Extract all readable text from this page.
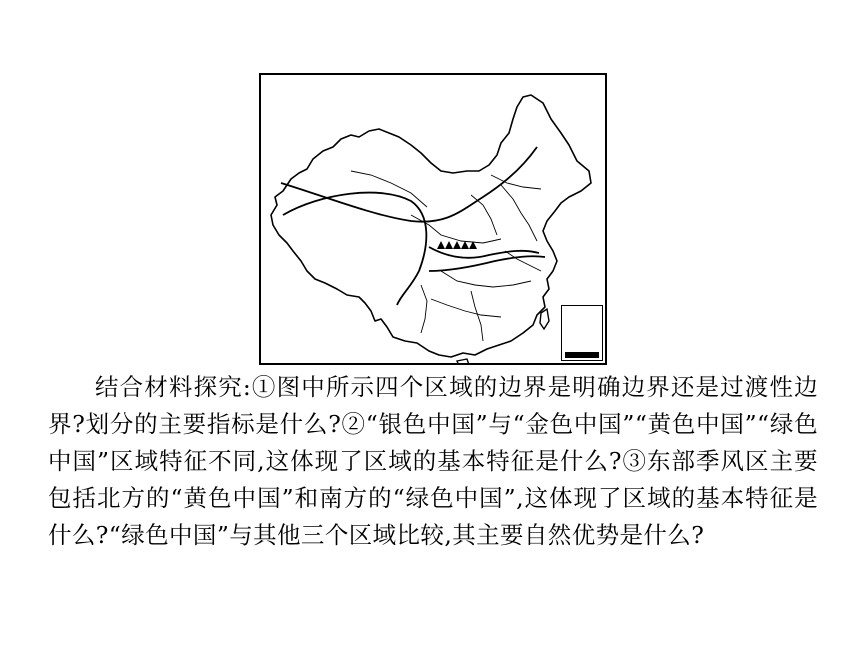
结合材料探究:①图中所示四个区域的边界是明确边界还是过渡性边界?划分的主要指标是什么?②“银色中国”与“金色中国”“黄色中国”“绿色中国”区域特征不同,这体现了区域的基本特征是什么?③东部季风区主要包括北方的“黄色中国”和南方的“绿色中国”,这体现了区域的基本特征是什么?“绿色中国”与其他三个区域比较,其主要自然优势是什么?
